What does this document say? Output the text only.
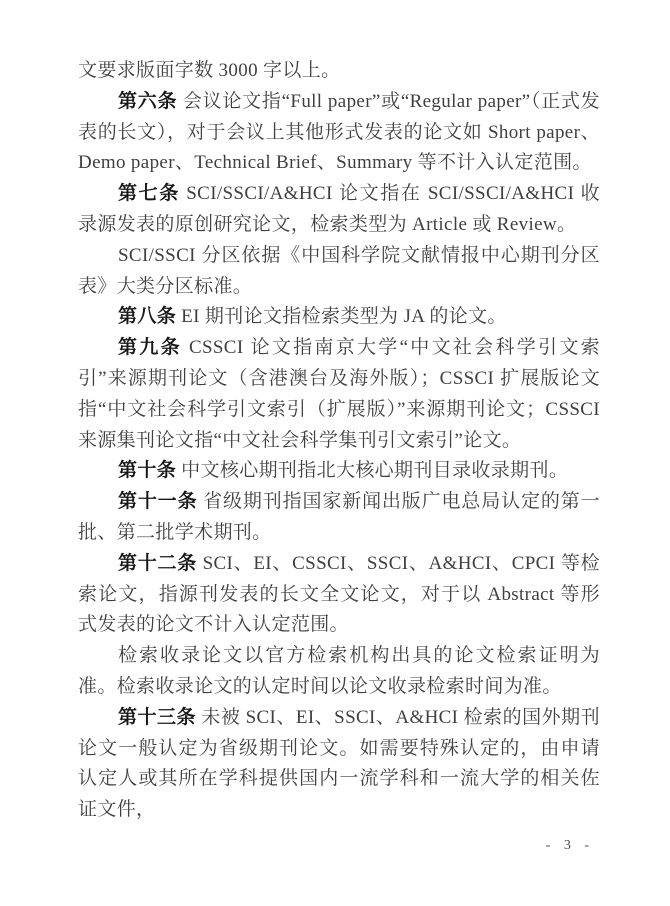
文要求版面字数 3000 字以上。

第六条 会议论文指“Full paper”或“Regular paper”（正式发表的长文），对于会议上其他形式发表的论文如 Short paper、Demo paper、Technical Brief、Summary 等不计入认定范围。

第七条 SCI/SSCI/A&HCI 论文指在 SCI/SSCI/A&HCI 收录源发表的原创研究论文，检索类型为 Article 或 Review。

SCI/SSCI 分区依据《中国科学院文献情报中心期刊分区表》大类分区标准。

第八条 EI 期刊论文指检索类型为 JA 的论文。

第九条 CSSCI 论文指南京大学“中文社会科学引文索引”来源期刊论文（含港澳台及海外版）；CSSCI 扩展版论文指“中文社会科学引文索引（扩展版）”来源期刊论文；CSSCI 来源集刊论文指“中文社会科学集刊引文索引”论文。

第十条 中文核心期刊指北大核心期刊目录收录期刊。

第十一条 省级期刊指国家新闻出版广电总局认定的第一批、第二批学术期刊。

第十二条 SCI、EI、CSSCI、SSCI、A&HCI、CPCI 等检索论文，指源刊发表的长文全文论文，对于以 Abstract 等形式发表的论文不计入认定范围。

检索收录论文以官方检索机构出具的论文检索证明为准。检索收录论文的认定时间以论文收录检索时间为准。

第十三条 未被 SCI、EI、SSCI、A&HCI 检索的国外期刊论文一般认定为省级期刊论文。如需要特殊认定的，由申请认定人或其所在学科提供国内一流学科和一流大学的相关佐证文件，

- 3 -
